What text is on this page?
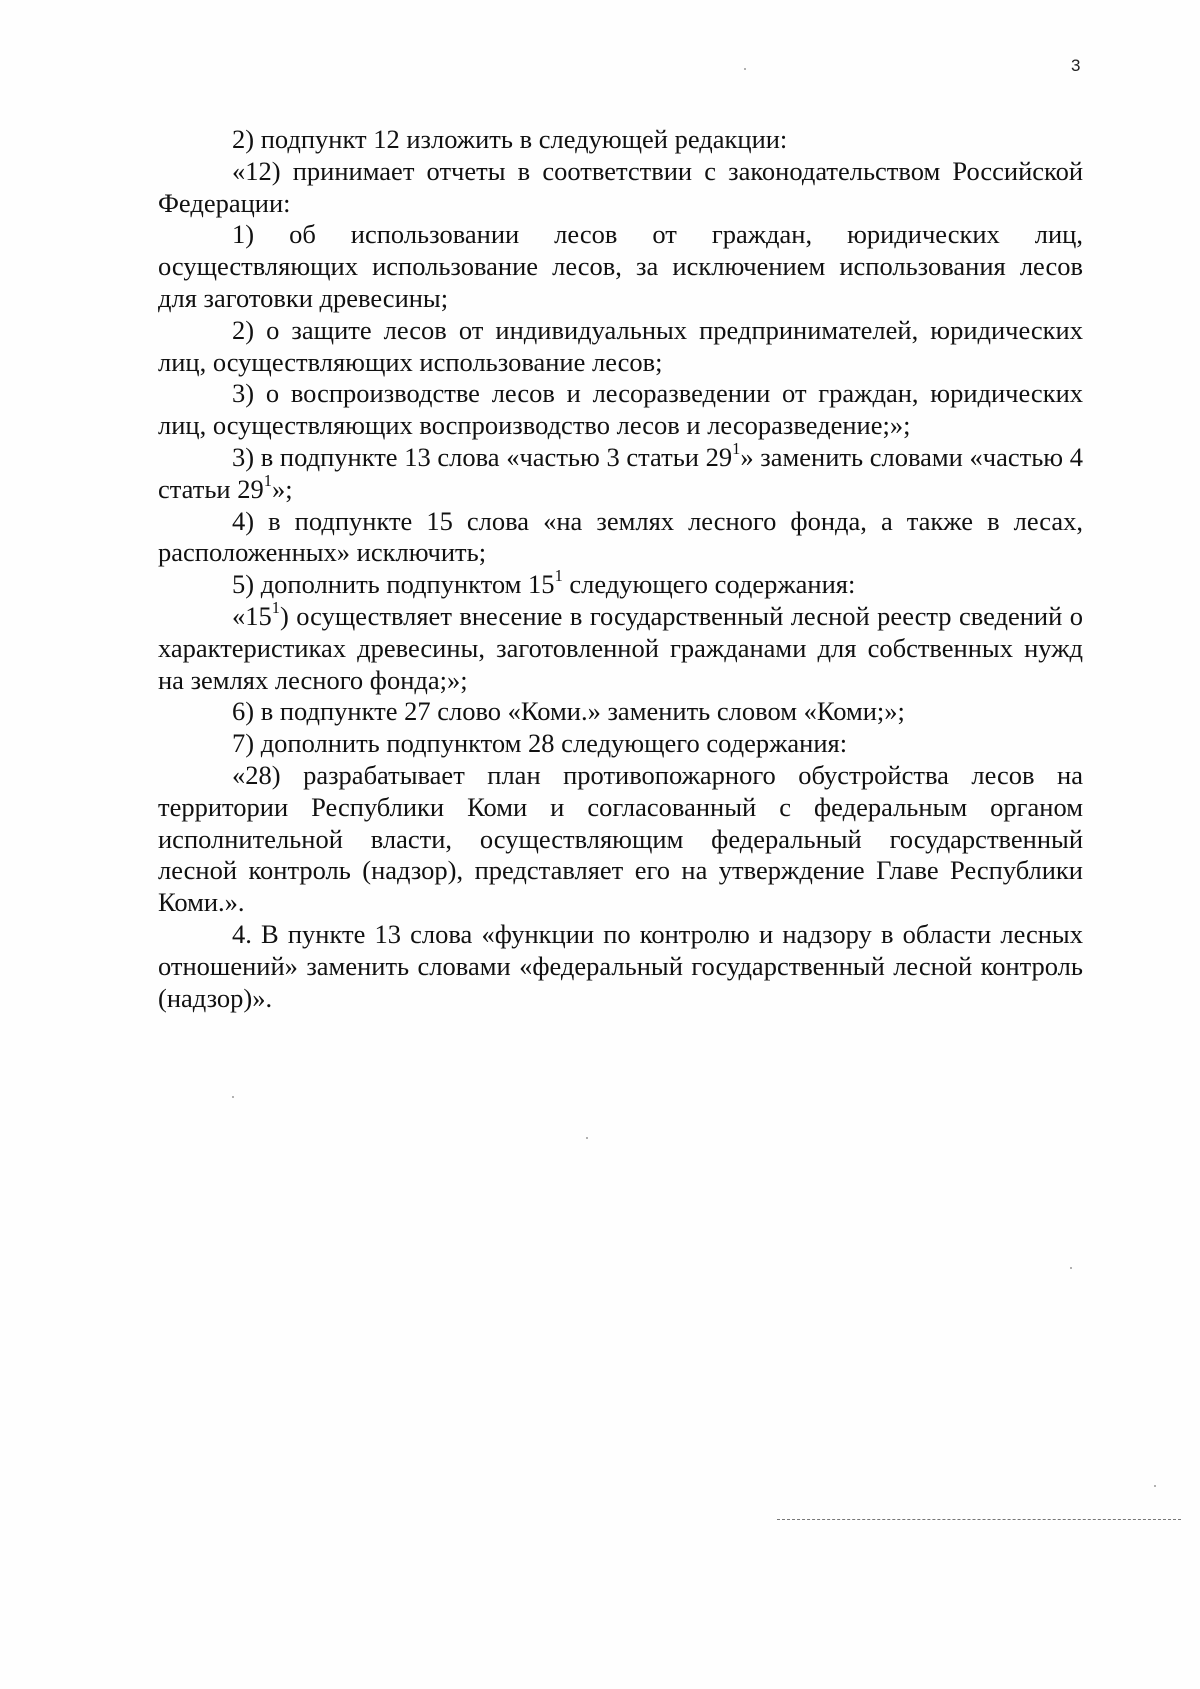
3

2) подпункт 12 изложить в следующей редакции:

«12) принимает отчеты в соответствии с законодательством Российской Федерации:

1) об использовании лесов от граждан, юридических лиц, осуществляющих использование лесов, за исключением использования лесов для заготовки древесины;

2) о защите лесов от индивидуальных предпринимателей, юридических лиц, осуществляющих использование лесов;

3) о воспроизводстве лесов и лесоразведении от граждан, юридических лиц, осуществляющих воспроизводство лесов и лесоразведение;»;

3) в подпункте 13 слова «частью 3 статьи $29^1$» заменить словами «частью 4 статьи $29^1$»;

4) в подпункте 15 слова «на землях лесного фонда, а также в лесах, расположенных» исключить;

5) дополнить подпунктом $15^1$ следующего содержания:

«$15^1$) осуществляет внесение в государственный лесной реестр сведений о характеристиках древесины, заготовленной гражданами для собственных нужд на землях лесного фонда;»;

6) в подпункте 27 слово «Коми.» заменить словом «Коми;»;

7) дополнить подпунктом 28 следующего содержания:

«28) разрабатывает план противопожарного обустройства лесов на территории Республики Коми и согласованный с федеральным органом исполнительной власти, осуществляющим федеральный государственный лесной контроль (надзор), представляет его на утверждение Главе Республики Коми.».

4. В пункте 13 слова «функции по контролю и надзору в области лесных отношений» заменить словами «федеральный государственный лесной контроль (надзор)».
